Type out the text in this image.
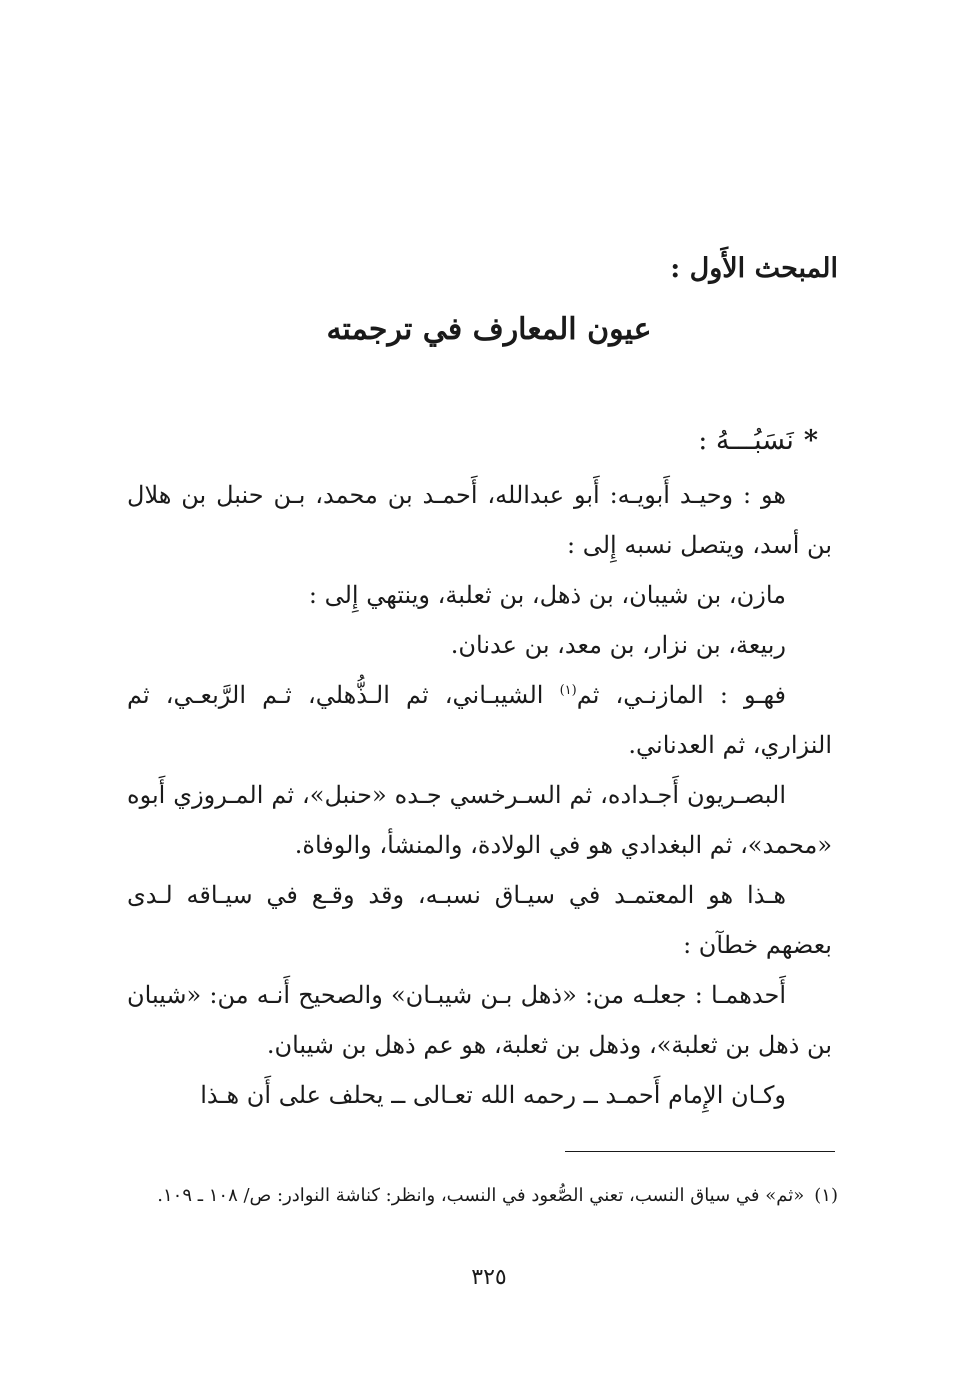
المبحث الأَول :
عيون المعارف في ترجمته
*نَسَبُـــهُ :

هو : وحيـد أَبويـه: أَبو عبدالله، أَحمـد بن محمد، بـن حنبل بن هلال بن أسد، ويتصل نسبه إِلى :

مازن، بن شيبان، بن ذهل، بن ثعلبة، وينتهي إِلى :

ربيعة، بن نزار، بن معد، بن عدنان.

فهـو : المازنـي، ثم$^{(١)}$ الشيبـاني، ثم الـذُّهلي، ثـم الرَّبعـي، ثم النزاري، ثم العدناني.

البصـريون أَجـداده، ثم السـرخسي جـده «حنبل»، ثم المـروزي أَبوه «محمد»، ثم البغدادي هو في الولادة، والمنشأ، والوفاة.

هـذا هو المعتمـد في سيـاق نسبـه، وقد وقـع في سيـاقه لـدى بعضهم خطآن :

أَحدهمـا : جعلـه من: «ذهل بـن شيبـان» والصحيح أَنـه من: «شيبان بن ذهل بن ثعلبة»، وذهل بن ثعلبة، هو عم ذهل بن شيبان.

وكـان الإِمام أَحمـد ــ رحمه الله تعـالى ــ يحلف على أَن هـذا

(١)«ثم» في سياق النسب، تعني الصُّعود في النسب، وانظر: كناشة النوادر: ص/ ١٠٨ ـ ١٠٩.
٣٢٥
